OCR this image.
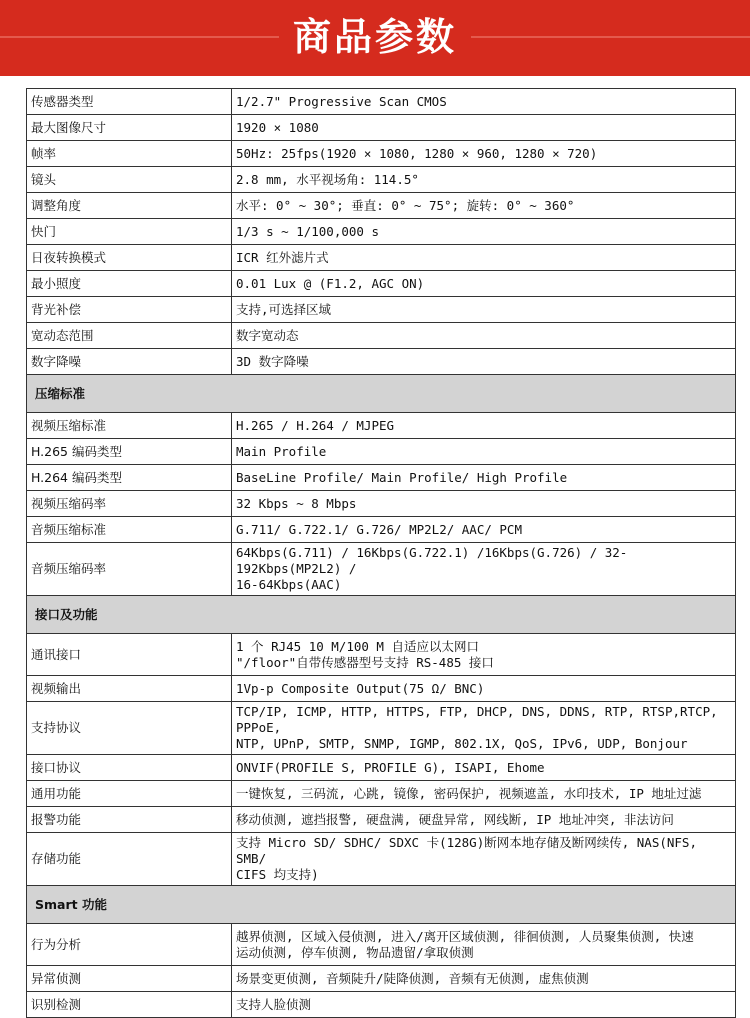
商品参数
传感器类型	1/2.7" Progressive Scan CMOS
最大图像尺寸	1920 × 1080
帧率	50Hz: 25fps(1920 × 1080, 1280 × 960, 1280 × 720)
镜头	2.8 mm, 水平视场角: 114.5°
调整角度	水平: 0° ~ 30°; 垂直: 0° ~ 75°; 旋转: 0° ~ 360°
快门	1/3 s ~ 1/100,000 s
日夜转换模式	ICR 红外滤片式
最小照度	0.01 Lux @ (F1.2, AGC ON)
背光补偿	支持,可选择区域
宽动态范围	数字宽动态
数字降噪	3D 数字降噪
压缩标准	
视频压缩标准	H.265 / H.264 / MJPEG
H.265 编码类型	Main Profile
H.264 编码类型	BaseLine Profile/ Main Profile/ High Profile
视频压缩码率	32 Kbps ~ 8 Mbps
音频压缩标准	G.711/ G.722.1/ G.726/ MP2L2/ AAC/ PCM
音频压缩码率	64Kbps(G.711) / 16Kbps(G.722.1) /16Kbps(G.726) / 32-192Kbps(MP2L2) /
16-64Kbps(AAC)
接口及功能	
通讯接口	1 个 RJ45 10 M/100 M 自适应以太网口
"/floor"自带传感器型号支持 RS-485 接口
视频输出	1Vp-p Composite Output(75 Ω/ BNC)
支持协议	TCP/IP, ICMP, HTTP, HTTPS, FTP, DHCP, DNS, DDNS, RTP, RTSP,RTCP, PPPoE,
NTP, UPnP, SMTP, SNMP, IGMP, 802.1X, QoS, IPv6, UDP, Bonjour
接口协议	ONVIF(PROFILE S, PROFILE G), ISAPI, Ehome
通用功能	一键恢复, 三码流, 心跳, 镜像, 密码保护, 视频遮盖, 水印技术, IP 地址过滤
报警功能	移动侦测, 遮挡报警, 硬盘满, 硬盘异常, 网线断, IP 地址冲突, 非法访问
存储功能	支持 Micro SD/ SDHC/ SDXC 卡(128G)断网本地存储及断网续传, NAS(NFS, SMB/
CIFS 均支持)
Smart 功能	
行为分析	越界侦测, 区域入侵侦测, 进入/离开区域侦测, 徘徊侦测, 人员聚集侦测, 快速
运动侦测, 停车侦测, 物品遗留/拿取侦测
异常侦测	场景变更侦测, 音频陡升/陡降侦测, 音频有无侦测, 虚焦侦测
识别检测	支持人脸侦测
